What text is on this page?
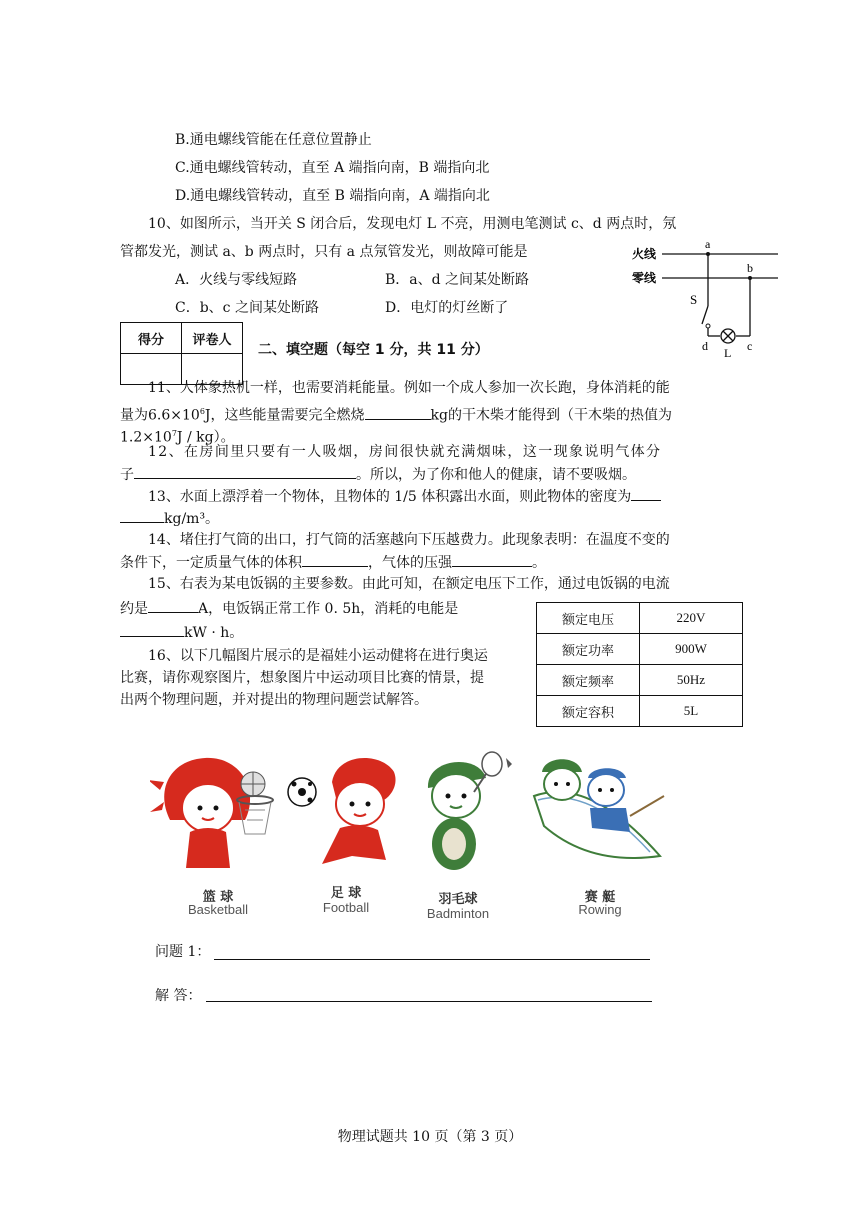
B.通电螺线管能在任意位置静止
C.通电螺线管转动，直至 A 端指向南，B 端指向北
D.通电螺线管转动，直至 B 端指向南，A 端指向北
10、如图所示，当开关 S 闭合后，发现电灯 L 不亮，用测电笔测试 c、d 两点时，氖
管都发光，测试 a、b 两点时，只有 a 点氖管发光，则故障可能是
A．火线与零线短路	B．a、d 之间某处断路
C．b、c 之间某处断路	D．电灯的灯丝断了
火线
零线
a
b
S
d L c
得分	评卷人

二、填空题（每空 1 分，共 11 分）
11、人体象热机一样，也需要消耗能量。例如一个成人参加一次长跑，身体消耗的能
量为$6.6\times 10^6J$，这些能量需要完全燃烧	kg的干木柴才能得到（干木柴的热值为
$1.2\times 10^7J / kg$）。
12、在房间里只要有一人吸烟，房间很快就充满烟味，这一现象说明气体分
子	。所以，为了你和他人的健康，请不要吸烟。
13、水面上漂浮着一个物体，且物体的 1/5 体积露出水面，则此物体的密度为
kg/m³。
14、堵住打气筒的出口，打气筒的活塞越向下压越费力。此现象表明：在温度不变的
条件下，一定质量气体的体积	，气体的压强	。
15、右表为某电饭锅的主要参数。由此可知，在额定电压下工作，通过电饭锅的电流
约是	A，电饭锅正常工作 0. 5h，消耗的电能是
kW · h。
额定电压	220V
额定功率	900W
额定频率	50Hz
额定容积	5L
16、以下几幅图片展示的是福娃小运动健将在进行奥运
比赛，请你观察图片，想象图片中运动项目比赛的情景，提
出两个物理问题，并对提出的物理问题尝试解答。
篮 球
Basketball
足 球
Football
羽毛球
Badminton
赛 艇
Rowing
问题 1：
解 答：
物理试题共 10 页（第 3 页）
